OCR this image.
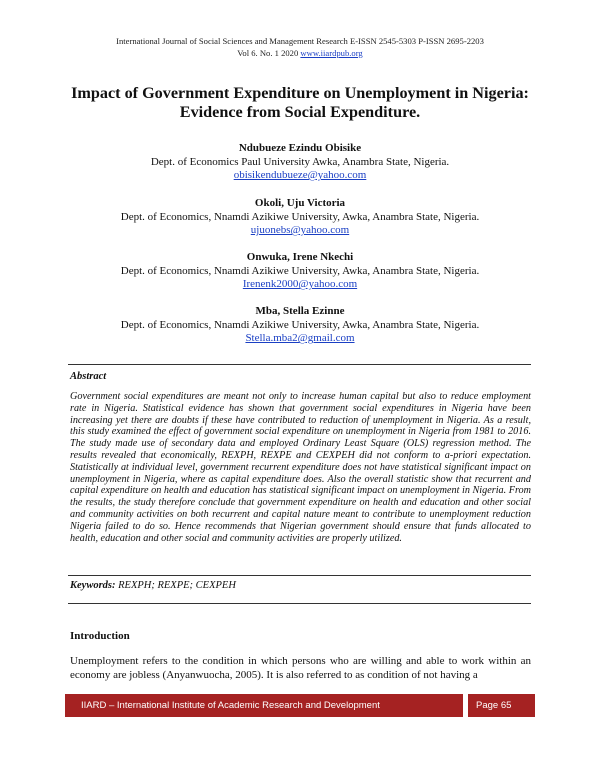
International Journal of Social Sciences and Management Research E-ISSN 2545-5303 P-ISSN 2695-2203
Vol 6. No. 1 2020 www.iiardpub.org
Impact of Government Expenditure on Unemployment in Nigeria:
Evidence from Social Expenditure.
Ndubueze Ezindu Obisike
Dept. of Economics Paul University Awka, Anambra State, Nigeria.
obisikendubueze@yahoo.com
Okoli, Uju Victoria
Dept. of Economics, Nnamdi Azikiwe University, Awka, Anambra State, Nigeria.
ujuonebs@yahoo.com
Onwuka, Irene Nkechi
Dept. of Economics, Nnamdi Azikiwe University, Awka, Anambra State, Nigeria.
Irenenk2000@yahoo.com
Mba, Stella Ezinne
Dept. of Economics, Nnamdi Azikiwe University, Awka, Anambra State, Nigeria.
Stella.mba2@gmail.com
Abstract

Government social expenditures are meant not only to increase human capital but also to reduce employment rate in Nigeria. Statistical evidence has shown that government social expenditures in Nigeria have been increasing yet there are doubts if these have contributed to reduction of unemployment in Nigeria. As a result, this study examined the effect of government social expenditure on unemployment in Nigeria from 1981 to 2016. The study made use of secondary data and employed Ordinary Least Square (OLS) regression method. The results revealed that economically, REXPH, REXPE and CEXPEH did not conform to a-priori expectation. Statistically at individual level, government recurrent expenditure does not have statistical significant impact on unemployment in Nigeria, where as capital expenditure does. Also the overall statistic show that recurrent and capital expenditure on health and education has statistical significant impact on unemployment in Nigeria. From the results, the study therefore conclude that government expenditure on health and education and other social and community activities on both recurrent and capital nature meant to contribute to unemployment reduction Nigeria failed to do so. Hence recommends that Nigerian government should ensure that funds allocated to health, education and other social and community activities are properly utilized.

Keywords: REXPH; REXPE; CEXPEH
Introduction

Unemployment refers to the condition in which persons who are willing and able to work within an economy are jobless (Anyanwuocha, 2005). It is also referred to as condition of not having a

IIARD – International Institute of Academic Research and Development	Page 65
